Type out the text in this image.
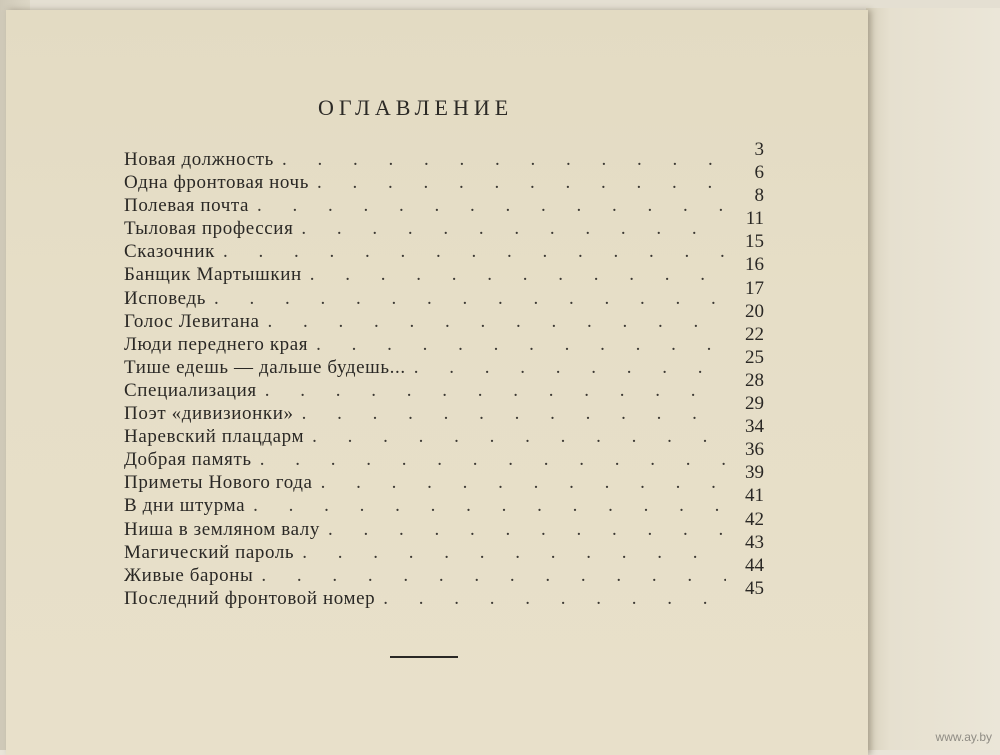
ОГЛАВЛЕНИЕ
Новая должность . . .	3
Одна фронтовая ночь . . .	6
Полевая почта . . .	8
Тыловая профессия . . .	11
Сказочник . . .	15
Банщик Мартышкин . . .	16
Исповедь . . .	17
Голос Левитана . . .	20
Люди переднего края . . .	22
Тише едешь — дальше будешь... . . .	25
Специализация . . .	28
Поэт «дивизионки» . . .	29
Наревский плацдарм . . .	34
Добрая память . . .	36
Приметы Нового года . . .	39
В дни штурма . . .	41
Ниша в земляном валу . . .	42
Магический пароль . . .	43
Живые бароны . . .	44
Последний фронтовой номер . . .	45
www.ay.by
